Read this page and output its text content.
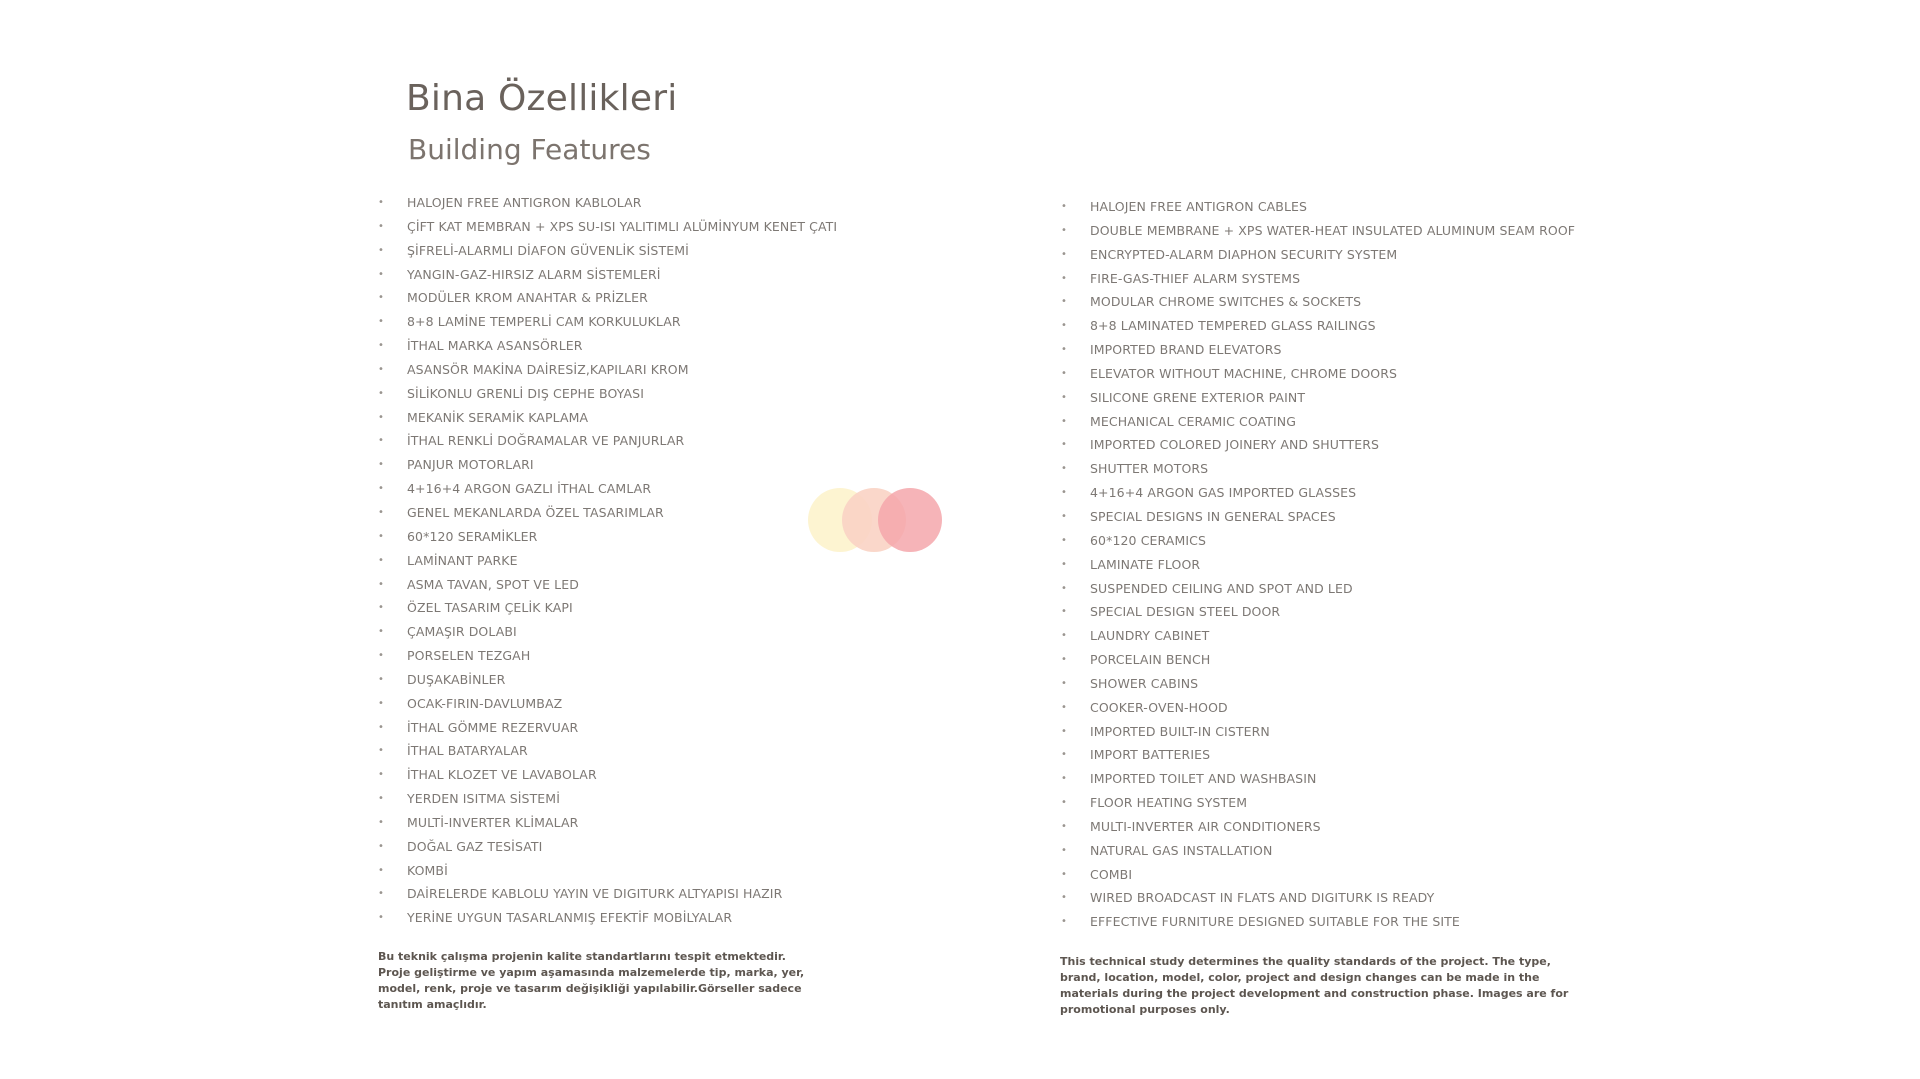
Bina Özellikleri
Building Features
• HALOJEN FREE ANTIGRON KABLOLAR
• ÇİFT KAT MEMBRAN + XPS SU-ISI YALITIMLI ALÜMİNYUM KENET ÇATI
• ŞİFRELİ-ALARMLI DİAFON GÜVENLİK SİSTEMİ
• YANGIN-GAZ-HIRSIZ ALARM SİSTEMLERİ
• MODÜLER KROM ANAHTAR & PRİZLER
• 8+8 LAMİNE TEMPERLİ CAM KORKULUKLAR
• İTHAL MARKA ASANSÖRLER
• ASANSÖR MAKİNA DAİRESİZ,KAPILARI KROM
• SİLİKONLU GRENLİ DIŞ CEPHE BOYASI
• MEKANİK SERAMİK KAPLAMA
• İTHAL RENKLİ DOĞRAMALAR VE PANJURLAR
• PANJUR MOTORLARI
• 4+16+4 ARGON GAZLI İTHAL CAMLAR
• GENEL MEKANLARDA ÖZEL TASARIMLAR
• 60*120 SERAMİKLER
• LAMİNANT PARKE
• ASMA TAVAN, SPOT VE LED
• ÖZEL TASARIM ÇELİK KAPI
• ÇAMAŞIR DOLABI
• PORSELEN TEZGAH
• DUŞAKABİNLER
• OCAK-FIRIN-DAVLUMBAZ
• İTHAL GÖMME REZERVUAR
• İTHAL BATARYALAR
• İTHAL KLOZET VE LAVABOLAR
• YERDEN ISITMA SİSTEMİ
• MULTİ-INVERTER KLİMALAR
• DOĞAL GAZ TESİSATI
• KOMBİ
• DAİRELERDE KABLOLU YAYIN VE DIGITURK ALTYAPISI HAZIR
• YERİNE UYGUN TASARLANMIŞ EFEKTİF MOBİLYALAR
• HALOJEN FREE ANTIGRON CABLES
• DOUBLE MEMBRANE + XPS WATER-HEAT INSULATED ALUMINUM SEAM ROOF
• ENCRYPTED-ALARM DIAPHON SECURITY SYSTEM
• FIRE-GAS-THIEF ALARM SYSTEMS
• MODULAR CHROME SWITCHES & SOCKETS
• 8+8 LAMINATED TEMPERED GLASS RAILINGS
• IMPORTED BRAND ELEVATORS
• ELEVATOR WITHOUT MACHINE, CHROME DOORS
• SILICONE GRENE EXTERIOR PAINT
• MECHANICAL CERAMIC COATING
• IMPORTED COLORED JOINERY AND SHUTTERS
• SHUTTER MOTORS
• 4+16+4 ARGON GAS IMPORTED GLASSES
• SPECIAL DESIGNS IN GENERAL SPACES
• 60*120 CERAMICS
• LAMINATE FLOOR
• SUSPENDED CEILING AND SPOT AND LED
• SPECIAL DESIGN STEEL DOOR
• LAUNDRY CABINET
• PORCELAIN BENCH
• SHOWER CABINS
• COOKER-OVEN-HOOD
• IMPORTED BUILT-IN CISTERN
• IMPORT BATTERIES
• IMPORTED TOILET AND WASHBASIN
• FLOOR HEATING SYSTEM
• MULTI-INVERTER AIR CONDITIONERS
• NATURAL GAS INSTALLATION
• COMBI
• WIRED BROADCAST IN FLATS AND DIGITURK IS READY
• EFFECTIVE FURNITURE DESIGNED SUITABLE FOR THE SITE

Bu teknik çalışma projenin kalite standartlarını tespit etmektedir. Proje geliştirme ve yapım aşamasında malzemelerde tip, marka, yer, model, renk, proje ve tasarım değişikliği yapılabilir.Görseller sadece tanıtım amaçlıdır.

This technical study determines the quality standards of the project. The type, brand, location, model, color, project and design changes can be made in the materials during the project development and construction phase. Images are for promotional purposes only.
